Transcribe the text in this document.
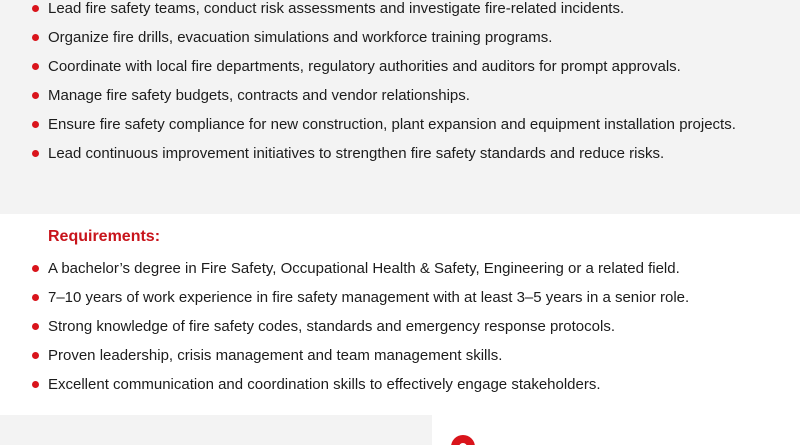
Lead fire safety teams, conduct risk assessments and investigate fire-related incidents.
Organize fire drills, evacuation simulations and workforce training programs.
Coordinate with local fire departments, regulatory authorities and auditors for prompt approvals.
Manage fire safety budgets, contracts and vendor relationships.
Ensure fire safety compliance for new construction, plant expansion and equipment installation projects.
Lead continuous improvement initiatives to strengthen fire safety standards and reduce risks.
Requirements:
A bachelor’s degree in Fire Safety, Occupational Health & Safety, Engineering or a related field.
7–10 years of work experience in fire safety management with at least 3–5 years in a senior role.
Strong knowledge of fire safety codes, standards and emergency response protocols.
Proven leadership, crisis management and team management skills.
Excellent communication and coordination skills to effectively engage stakeholders.
